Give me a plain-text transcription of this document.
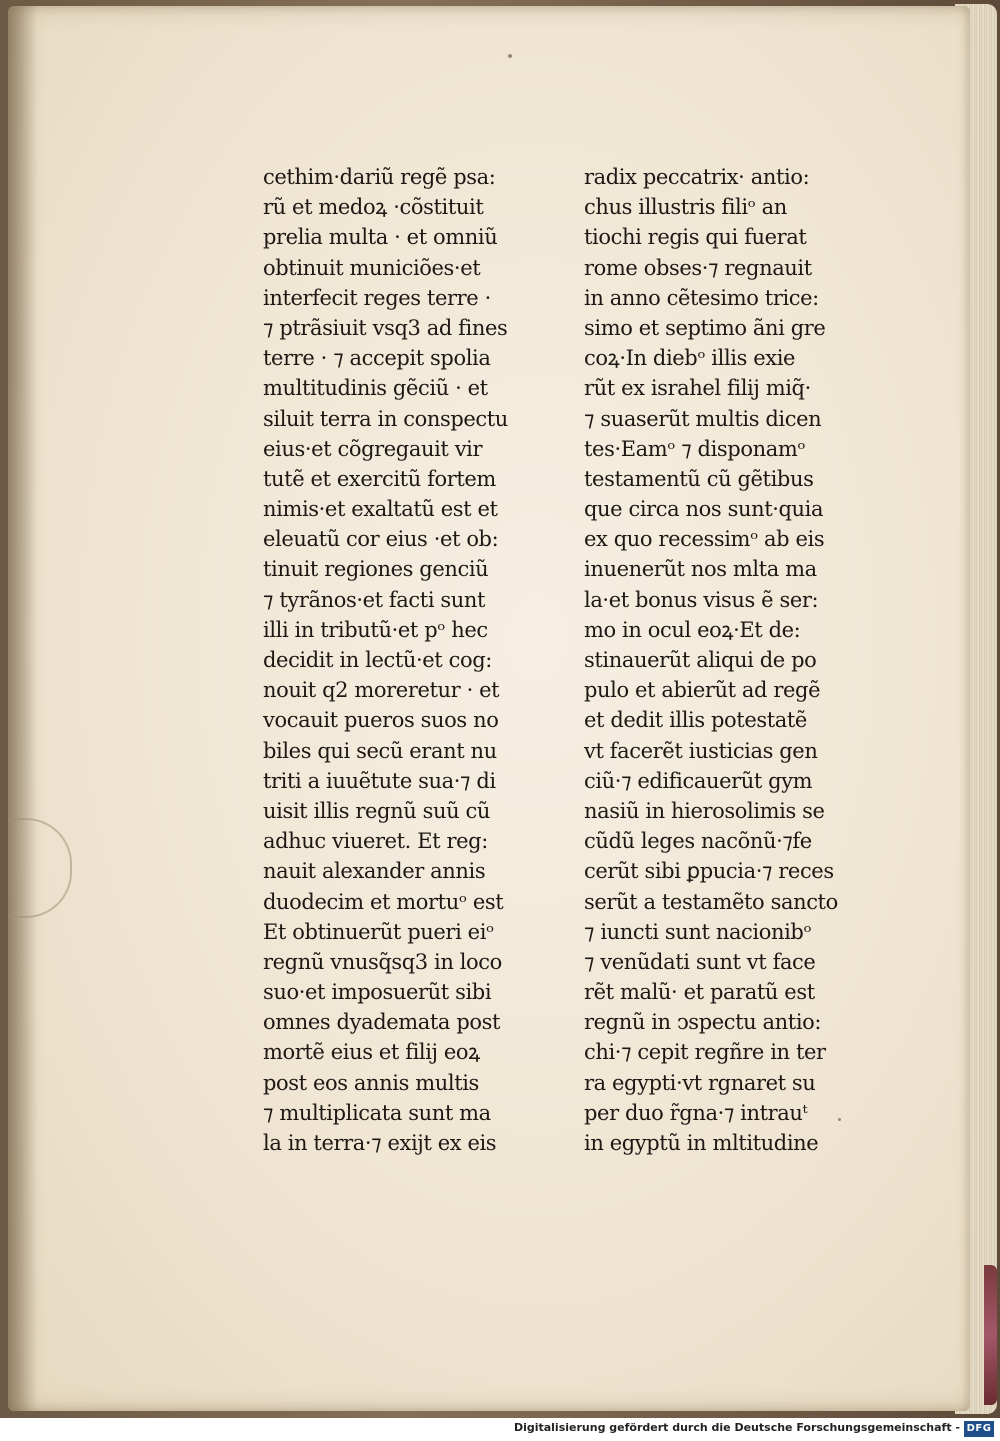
cethim·dariũ regẽ psa:
rũ et medoꝝ ·cõstituit
prelia multa · et omniũ
obtinuit municiões·et
interfecit reges terre ·
⁊ ptrãsiuit vsq3 ad fines
terre · ⁊ accepit spolia
multitudinis gẽciũ · et
siluit terra in conspectu
eius·et cõgregauit vir
tutẽ et exercitũ fortem
nimis·et exaltatũ est et
eleuatũ cor eius ·et ob:
tinuit regiones genciũ
⁊ tyrãnos·et facti sunt
illi in tributũ·et pᵒ hec
decidit in lectũ·et cog:
nouit q2 moreretur · et
vocauit pueros suos no
biles qui secũ erant nu
triti a iuuẽtute sua·⁊ di
uisit illis regnũ suũ cũ
adhuc viueret. Et reg:
nauit alexander annis
duodecim et mortuᵒ est
Et obtinuerũt pueri eiᵒ
regnũ vnusq̃sq3 in loco
suo·et imposuerũt sibi
omnes dyademata post
mortẽ eius et filij eoꝝ
post eos annis multis
⁊ multiplicata sunt ma
la in terra·⁊ exijt ex eis
radix peccatrix· antio:
chus illustris filiᵒ an
tiochi regis qui fuerat
rome obses·⁊ regnauit
in anno cẽtesimo trice:
simo et septimo ãni gre
coꝝ·In diebᵒ illis exie
rũt ex israhel filij miq̃·
⁊ suaserũt multis dicen
tes·Eamᵒ ⁊ disponamᵒ
testamentũ cũ gẽtibus
que circa nos sunt·quia
ex quo recessimᵒ ab eis
inuenerũt nos mlta ma
la·et bonus visus ẽ ser:
mo in ocul eoꝝ·Et de:
stinauerũt aliqui de po
pulo et abierũt ad regẽ
et dedit illis potestatẽ
vt facerẽt iusticias gen
ciũ·⁊ edificauerũt gym
nasiũ in hierosolimis se
cũdũ leges nacõnũ·⁊fe
cerũt sibi ꝑpucia·⁊ reces
serũt a testamẽto sancto
⁊ iuncti sunt nacionibᵒ
⁊ venũdati sunt vt face
rẽt malũ· et paratũ est
regnũ in ↄspectu antio:
chi·⁊ cepit regñre in ter
ra egypti·vt rgnaret su
per duo r̃gna·⁊ intrauᵗ
in egyptũ in mltitudine
Digitalisierung gefördert durch die Deutsche Forschungsgemeinschaft - DFG
